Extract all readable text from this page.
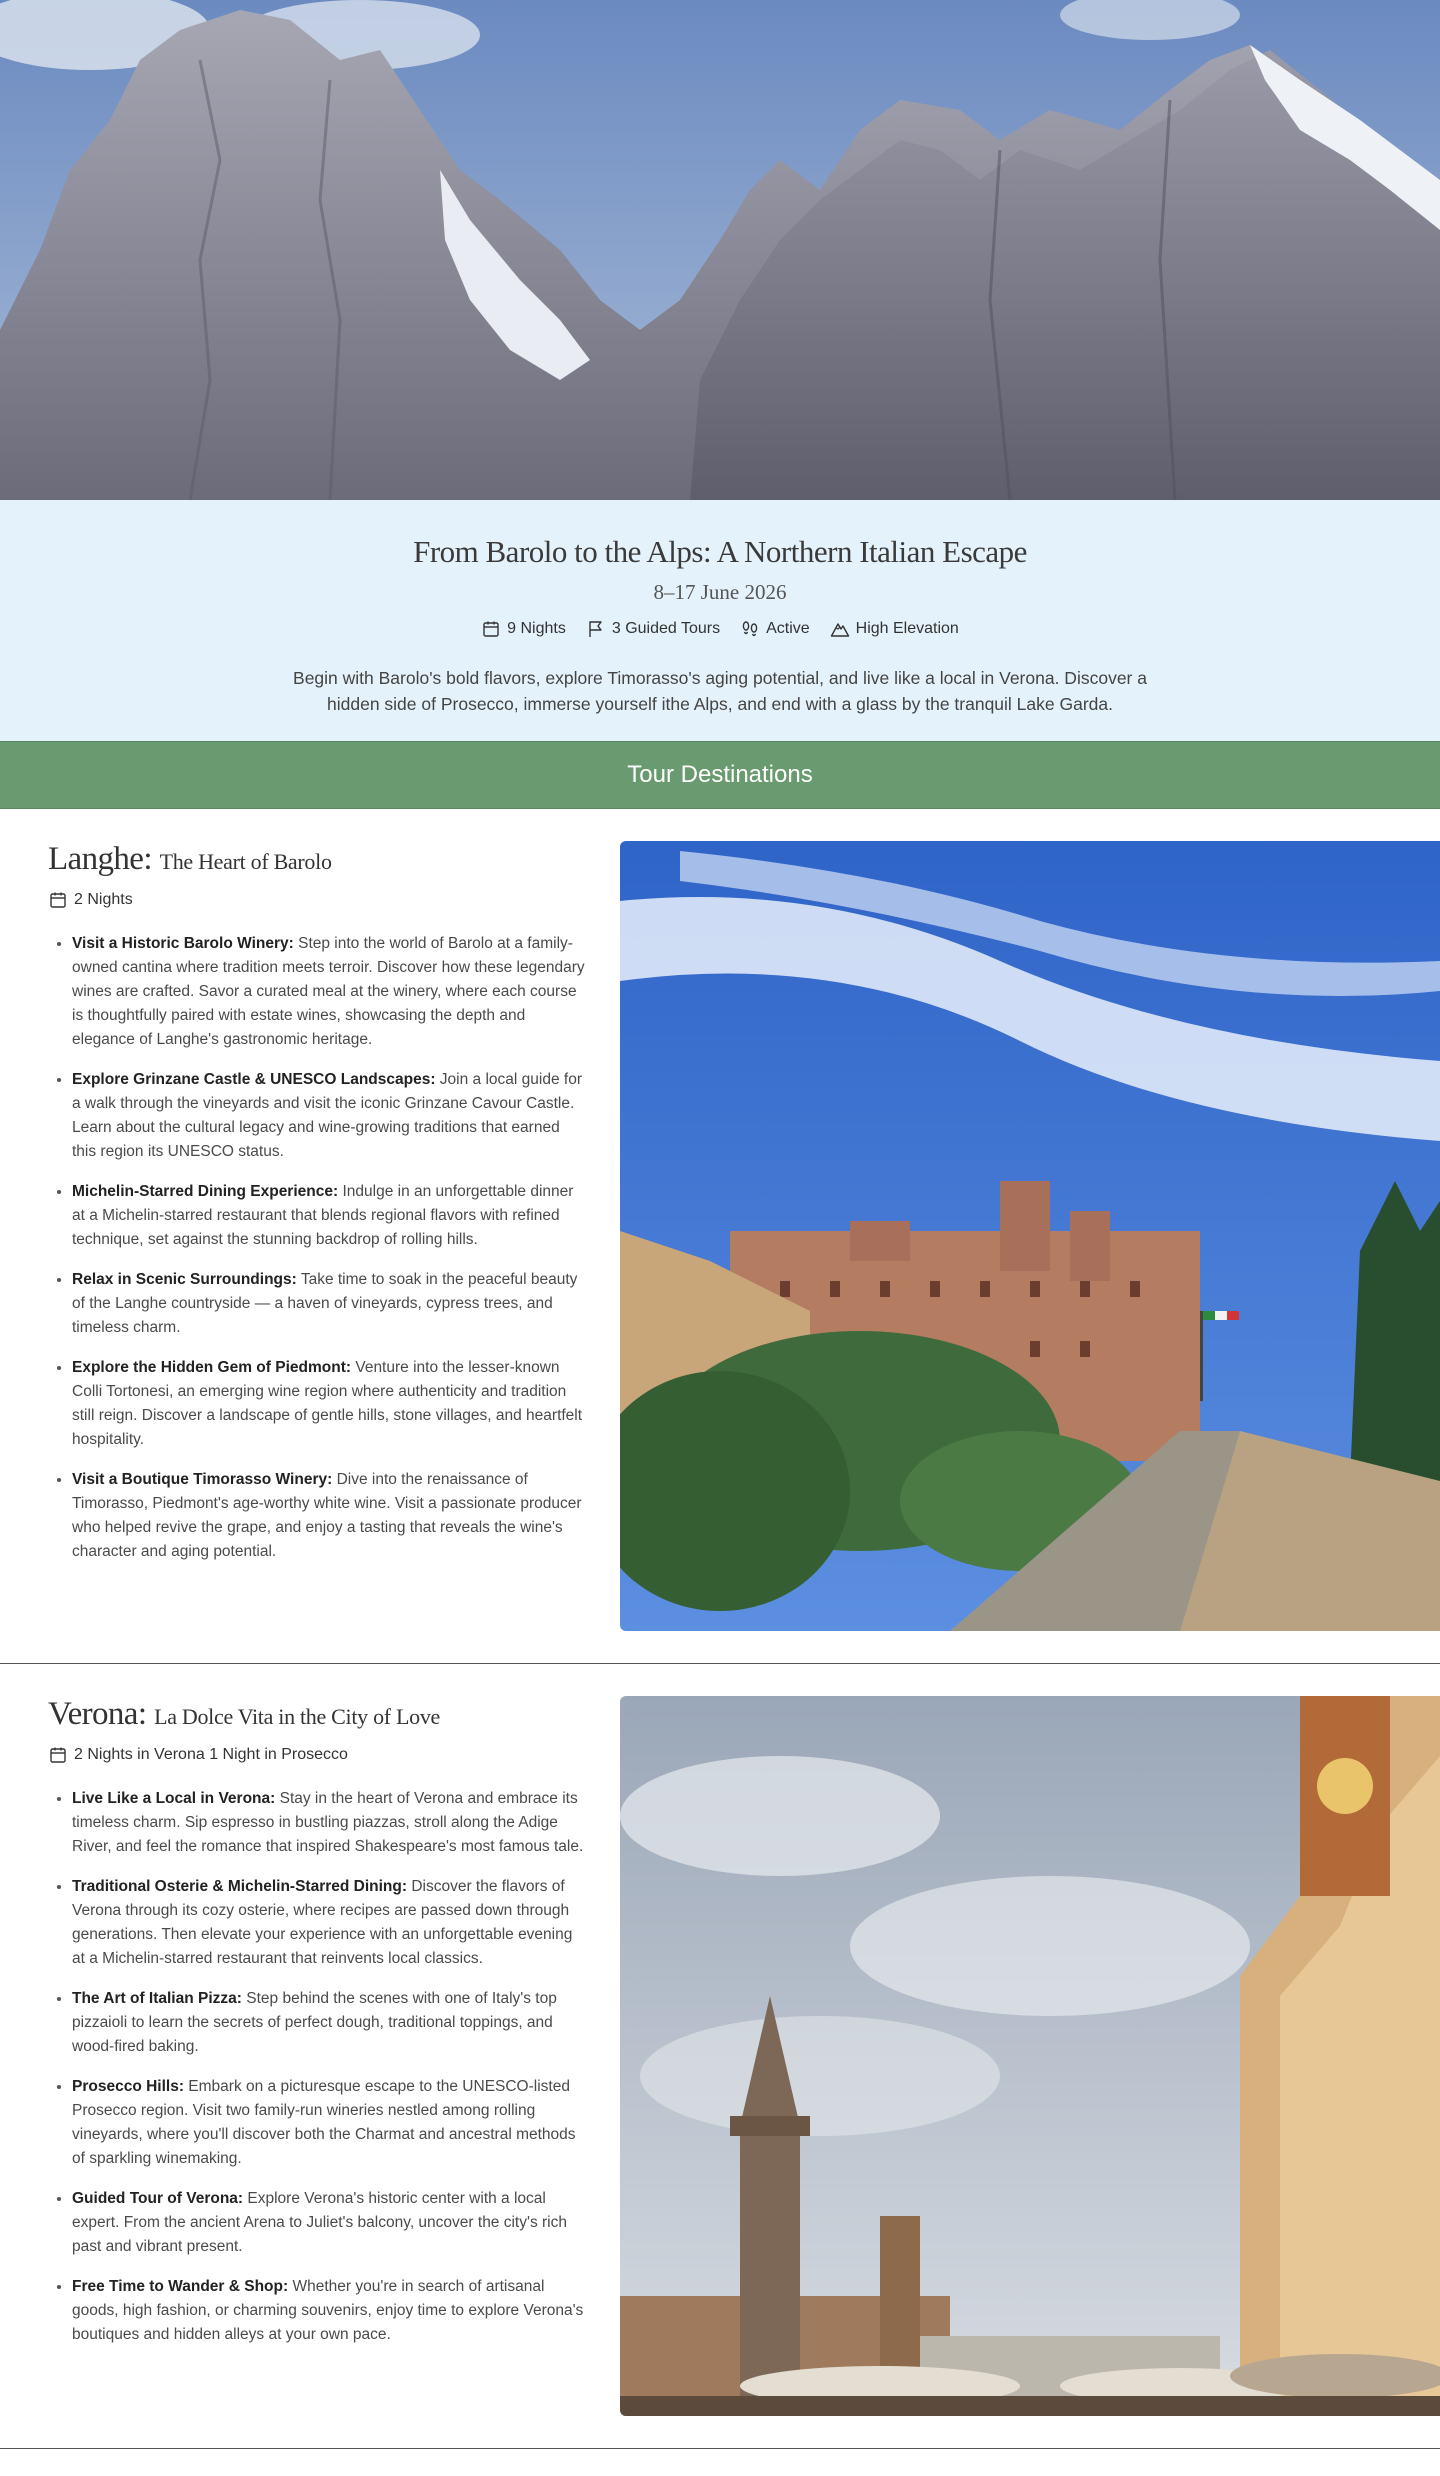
From Barolo to the Alps: A Northern Italian Escape
8–17 June 2026
9 Nights	3 Guided Tours	Active	High Elevation

Begin with Barolo's bold flavors, explore Timorasso's aging potential, and live like a local in Verona. Discover a hidden side of Prosecco, immerse yourself ithe Alps, and end with a glass by the tranquil Lake Garda.

Tour Destinations
Langhe: The Heart of Barolo
2 Nights
Visit a Historic Barolo Winery: Step into the world of Barolo at a family-owned cantina where tradition meets terroir. Discover how these legendary wines are crafted. Savor a curated meal at the winery, where each course is thoughtfully paired with estate wines, showcasing the depth and elegance of Langhe's gastronomic heritage.
Explore Grinzane Castle & UNESCO Landscapes: Join a local guide for a walk through the vineyards and visit the iconic Grinzane Cavour Castle. Learn about the cultural legacy and wine-growing traditions that earned this region its UNESCO status.
Michelin-Starred Dining Experience: Indulge in an unforgettable dinner at a Michelin-starred restaurant that blends regional flavors with refined technique, set against the stunning backdrop of rolling hills.
Relax in Scenic Surroundings: Take time to soak in the peaceful beauty of the Langhe countryside — a haven of vineyards, cypress trees, and timeless charm.
Explore the Hidden Gem of Piedmont: Venture into the lesser-known Colli Tortonesi, an emerging wine region where authenticity and tradition still reign. Discover a landscape of gentle hills, stone villages, and heartfelt hospitality.
Visit a Boutique Timorasso Winery: Dive into the renaissance of Timorasso, Piedmont's age-worthy white wine. Visit a passionate producer who helped revive the grape, and enjoy a tasting that reveals the wine's character and aging potential.
Verona: La Dolce Vita in the City of Love
2 Nights in Verona 1 Night in Prosecco
Live Like a Local in Verona: Stay in the heart of Verona and embrace its timeless charm. Sip espresso in bustling piazzas, stroll along the Adige River, and feel the romance that inspired Shakespeare's most famous tale.
Traditional Osterie & Michelin-Starred Dining: Discover the flavors of Verona through its cozy osterie, where recipes are passed down through generations. Then elevate your experience with an unforgettable evening at a Michelin-starred restaurant that reinvents local classics.
The Art of Italian Pizza: Step behind the scenes with one of Italy's top pizzaioli to learn the secrets of perfect dough, traditional toppings, and wood-fired baking.
Prosecco Hills: Embark on a picturesque escape to the UNESCO-listed Prosecco region. Visit two family-run wineries nestled among rolling vineyards, where you'll discover both the Charmat and ancestral methods of sparkling winemaking.
Guided Tour of Verona: Explore Verona's historic center with a local expert. From the ancient Arena to Juliet's balcony, uncover the city's rich past and vibrant present.
Free Time to Wander & Shop: Whether you're in search of artisanal goods, high fashion, or charming souvenirs, enjoy time to explore Verona's boutiques and hidden alleys at your own pace.
